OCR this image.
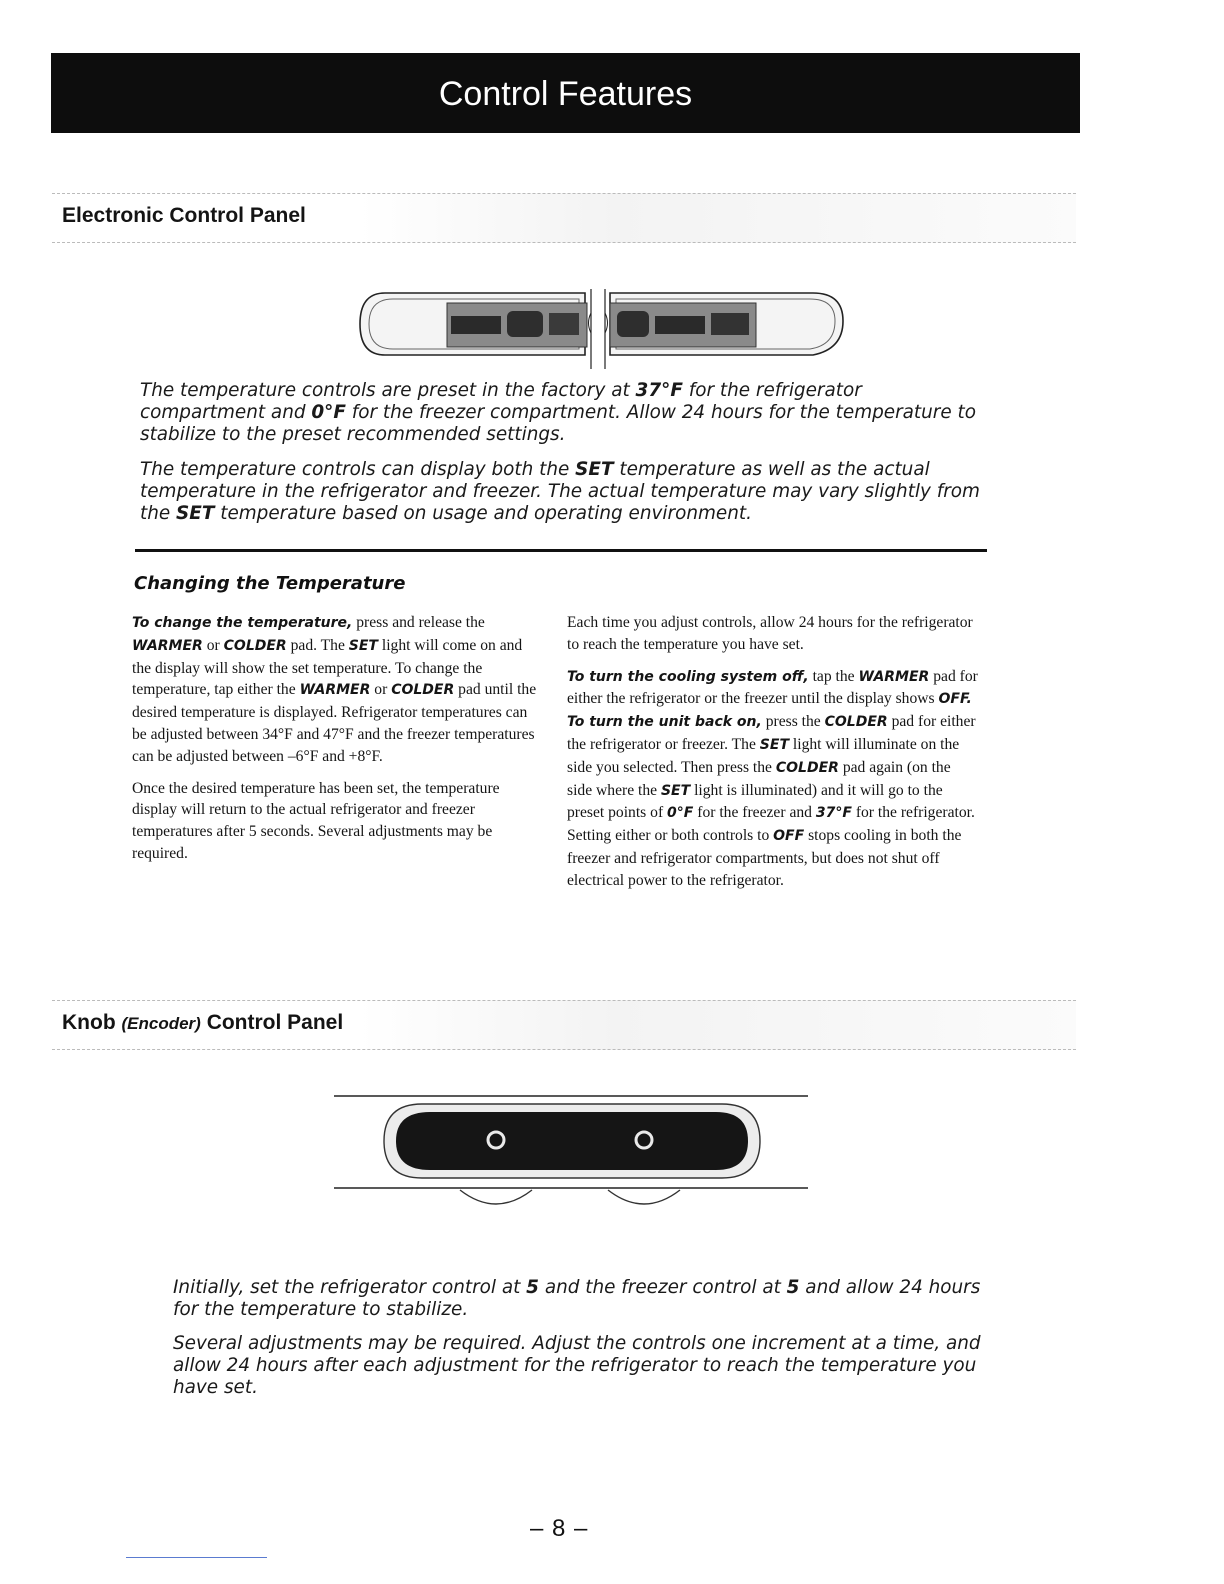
Control Features
Electronic Control Panel

The temperature controls are preset in the factory at 37°F for the refrigerator compartment and 0°F for the freezer compartment. Allow 24 hours for the temperature to stabilize to the preset recommended settings.

The temperature controls can display both the SET temperature as well as the actual temperature in the refrigerator and freezer. The actual temperature may vary slightly from the SET temperature based on usage and operating environment.

Changing the Temperature

To change the temperature, press and release the WARMER or COLDER pad. The SET light will come on and the display will show the set temperature. To change the temperature, tap either the WARMER or COLDER pad until the desired temperature is displayed. Refrigerator temperatures can be adjusted between 34°F and 47°F and the freezer temperatures can be adjusted between –6°F and +8°F.

Once the desired temperature has been set, the temperature display will return to the actual refrigerator and freezer temperatures after 5 seconds. Several adjustments may be required.

Each time you adjust controls, allow 24 hours for the refrigerator to reach the temperature you have set.

To turn the cooling system off, tap the WARMER pad for either the refrigerator or the freezer until the display shows OFF. To turn the unit back on, press the COLDER pad for either the refrigerator or freezer. The SET light will illuminate on the side you selected. Then press the COLDER pad again (on the side where the SET light is illuminated) and it will go to the preset points of 0°F for the freezer and 37°F for the refrigerator. Setting either or both controls to OFF stops cooling in both the freezer and refrigerator compartments, but does not shut off electrical power to the refrigerator.

Knob (Encoder) Control Panel

Initially, set the refrigerator control at 5 and the freezer control at 5 and allow 24 hours for the temperature to stabilize.

Several adjustments may be required. Adjust the controls one increment at a time, and allow 24 hours after each adjustment for the refrigerator to reach the temperature you have set.

– 8 –
